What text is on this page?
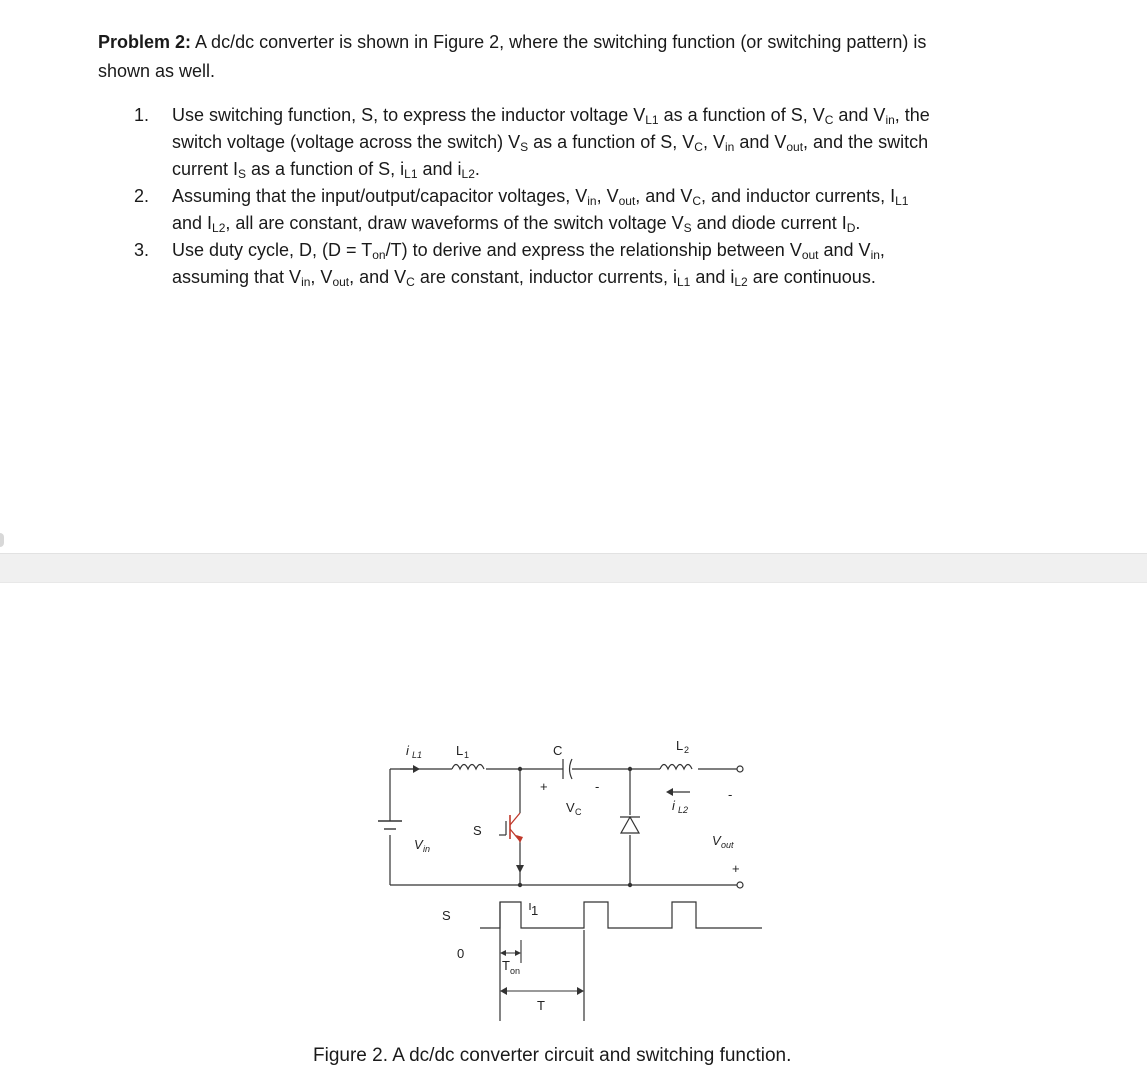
Problem 2: A dc/dc converter is shown in Figure 2, where the switching function (or switching pattern) is
shown as well.
1. Use switching function, S, to express the inductor voltage $V_{L1}$ as a function of S, $V_C$ and $V_{in}$, the
switch voltage (voltage across the switch) $V_S$ as a function of S, $V_C$, $V_{in}$ and $V_{out}$, and the switch
current $I_S$ as a function of S, $i_{L1}$ and $i_{L2}$.
2. Assuming that the input/output/capacitor voltages, $V_{in}$, $V_{out}$, and $V_C$, and inductor currents, $I_{L1}$
and $I_{L2}$, all are constant, draw waveforms of the switch voltage $V_S$ and diode current $I_D$.
3. Use duty cycle, D, $(D = T_{on}/T)$ to derive and express the relationship between $V_{out}$ and $V_{in}$,
assuming that $V_{in}$, $V_{out}$, and $V_C$ are constant, inductor currents, $i_{L1}$ and $i_{L2}$ are continuous.
i L1	L 1	C	L 2
+	-
V C	i L2
-
V out
+
V in
S
S
0
1
T on
T
Figure 2. A dc/dc converter circuit and switching function.
